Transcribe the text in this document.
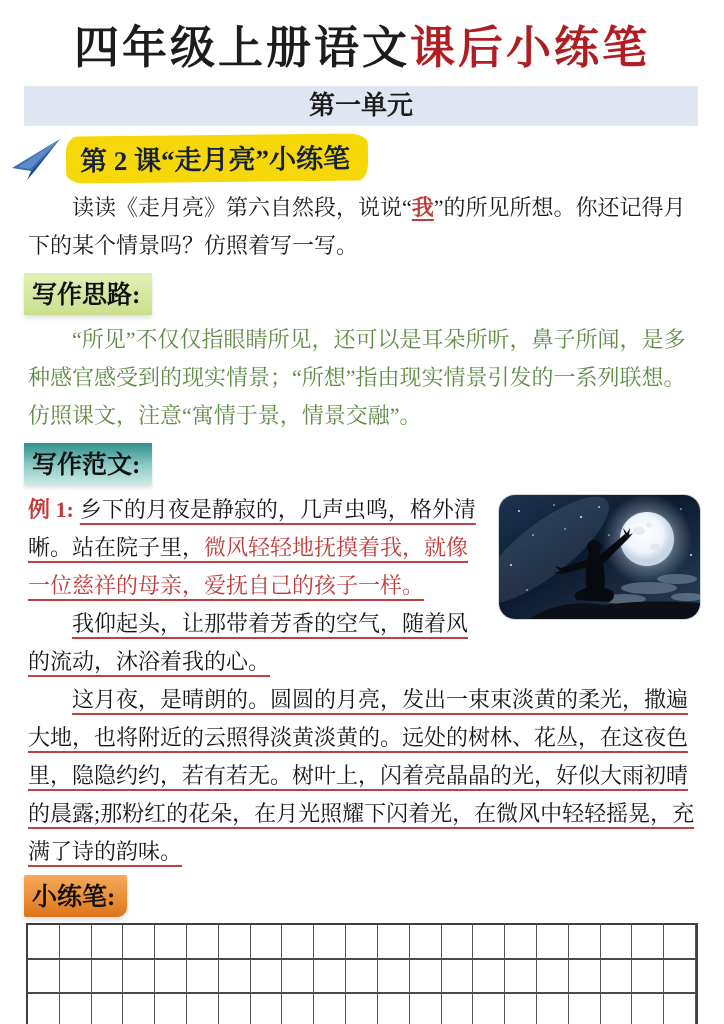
四年级上册语文课后小练笔
第一单元
第 2 课“走月亮”小练笔

读读《走月亮》第六自然段，说说“我”的所见所想。你还记得月下的某个情景吗？仿照着写一写。

写作思路:

“所见”不仅仅指眼睛所见，还可以是耳朵所听，鼻子所闻，是多种感官感受到的现实情景；“所想”指由现实情景引发的一系列联想。仿照课文，注意“寓情于景，情景交融”。

写作范文:

例 1: 乡下的月夜是静寂的，几声虫鸣，格外清晰。站在院子里，微风轻轻地抚摸着我，就像一位慈祥的母亲，爱抚自己的孩子一样。

我仰起头，让那带着芳香的空气，随着风的流动，沐浴着我的心。

这月夜，是晴朗的。圆圆的月亮，发出一束束淡黄的柔光，撒遍大地，也将附近的云照得淡黄淡黄的。远处的树林、花丛，在这夜色里，隐隐约约，若有若无。树叶上，闪着亮晶晶的光，好似大雨初晴的晨露;那粉红的花朵，在月光照耀下闪着光，在微风中轻轻摇晃，充满了诗的韵味。

小练笔:
